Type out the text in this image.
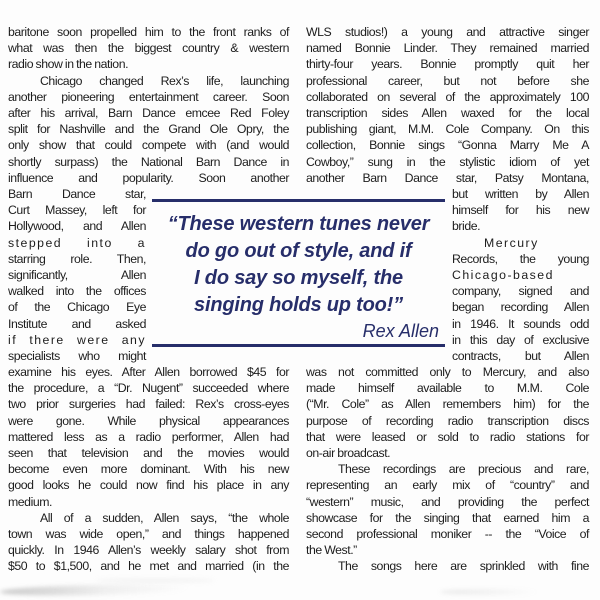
baritone soon propelled him to the front ranks of
what was then the biggest country & western
radio show in the nation.
Chicago changed Rex’s life, launching
another pioneering entertainment career. Soon
after his arrival, Barn Dance emcee Red Foley
split for Nashville and the Grand Ole Opry, the
only show that could compete with (and would
shortly surpass) the National Barn Dance in
influence and popularity. Soon another
Barn Dance star,
Curt Massey, left for
Hollywood, and Allen
stepped into a
starring role. Then,
significantly, Allen
walked into the offices
of the Chicago Eye
Institute and asked
if there were any
specialists who might
examine his eyes. After Allen borrowed $45 for
the procedure, a “Dr. Nugent” succeeded where
two prior surgeries had failed: Rex’s cross-eyes
were gone. While physical appearances
mattered less as a radio performer, Allen had
seen that television and the movies would
become even more dominant. With his new
good looks he could now find his place in any
medium.
All of a sudden, Allen says, “the whole
town was wide open,” and things happened
quickly. In 1946 Allen’s weekly salary shot from
$50 to $1,500, and he met and married (in the
WLS studios!) a young and attractive singer
named Bonnie Linder. They remained married
thirty-four years. Bonnie promptly quit her
professional career, but not before she
collaborated on several of the approximately 100
transcription sides Allen waxed for the local
publishing giant, M.M. Cole Company. On this
collection, Bonnie sings “Gonna Marry Me A
Cowboy,” sung in the stylistic idiom of yet
another Barn Dance star, Patsy Montana,
but written by Allen
himself for his new
bride.
Mercury
Records, the young
Chicago-based
company, signed and
began recording Allen
in 1946. It sounds odd
in this day of exclusive
contracts, but Allen
was not committed only to Mercury, and also
made himself available to M.M. Cole
(“Mr. Cole” as Allen remembers him) for the
purpose of recording radio transcription discs
that were leased or sold to radio stations for
on-air broadcast.
These recordings are precious and rare,
representing an early mix of “country” and
“western” music, and providing the perfect
showcase for the singing that earned him a
second professional moniker -- the “Voice of
the West.”
The songs here are sprinkled with fine
“These western tunes never
do go out of style, and if
I do say so myself, the
singing holds up too!”
Rex Allen
